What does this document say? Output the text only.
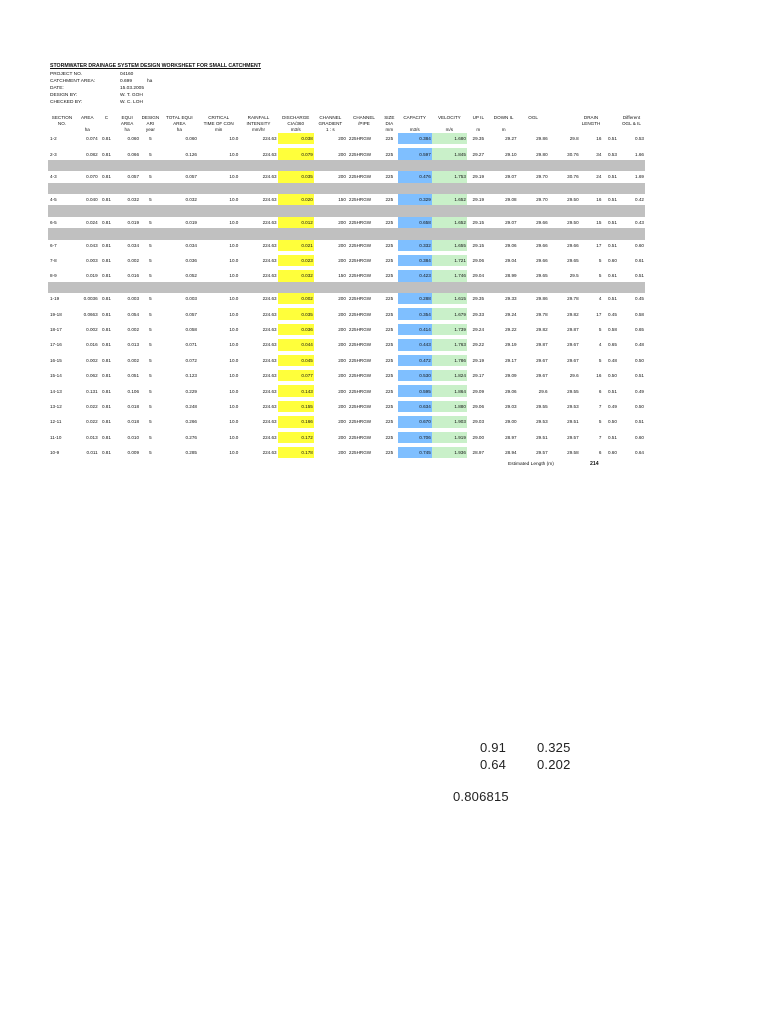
STORMWATER DRAINAGE SYSTEM DESIGN WORKSHEET FOR SMALL CATCHMENT
PROJECT NO.	04160
CATCHMENT AREA:	0.699	ha
DATE:	15.03.2005
DESIGN BY:	W. T. GOH
CHECKED BY:	W. C. LOH
SECTION	AREA	C	EQUI	DESIGN	TOTAL EQUI	CRITICAL	RAINFALL	DISCHARGE	CHANNEL	CHANNEL	SIZE	CAPACITY	VELOCITY	UP IL	DOWN IL	OGL		DRAIN		Different
NO.			AREA	ARI	AREA	TIME OF CON	INTENSITY	CIA/360	GRADIENT	/PIPE	DIA							LENGTH		OGL & IL
	ha		ha	year	ha	min	mm/hr	m3/s	1 : s		mm	m3/s	m/s	m	m					
1-2	0.074	0.81	0.060	5	0.060	10.0	224.63	0.038	200	225HRGW	225	0.384	1.680	29.35	29.27	29.86	29.8	16	0.51	0.53

2-3	0.082	0.81	0.066	5	0.126	10.0	224.63	0.079	200	225HRGW	225	0.597	1.845	29.27	29.10	29.80	30.76	34	0.53	1.66

4-3	0.070	0.81	0.057	5	0.057	10.0	224.63	0.035	200	225HRGW	225	0.476	1.753	29.19	29.07	29.70	30.76	24	0.51	1.69

4-5	0.040	0.81	0.032	5	0.032	10.0	224.63	0.020	150	225HRGW	225	0.329	1.652	29.19	29.08	29.70	29.50	16	0.51	0.42

6-5	0.024	0.81	0.019	5	0.019	10.0	224.63	0.012	200	225HRGW	225	0.658	1.652	29.15	29.07	29.66	29.50	15	0.51	0.43

6-7	0.043	0.81	0.034	5	0.034	10.0	224.63	0.021	200	225HRGW	225	0.332	1.655	29.15	29.06	29.66	29.66	17	0.51	0.60

7-8	0.003	0.81	0.002	5	0.036	10.0	224.63	0.023	200	225HRGW	225	0.384	1.721	29.06	29.04	29.66	29.65	5	0.60	0.61

8-9	0.019	0.81	0.016	5	0.052	10.0	224.63	0.032	150	225HRGW	225	0.423	1.746	29.04	28.99	29.65	29.5	5	0.61	0.51

1-19	0.0036	0.81	0.003	5	0.003	10.0	224.63	0.002	200	225HRGW	225	0.288	1.615	29.35	29.33	29.86	29.78	4	0.51	0.45

19-18	0.0663	0.81	0.054	5	0.057	10.0	224.63	0.035	200	225HRGW	225	0.354	1.679	29.33	29.24	29.78	29.82	17	0.45	0.58

18-17	0.002	0.81	0.002	5	0.058	10.0	224.63	0.036	200	225HRGW	225	0.414	1.739	29.24	29.22	29.82	29.87	5	0.58	0.65

17-16	0.016	0.81	0.013	5	0.071	10.0	224.63	0.044	200	225HRGW	225	0.443	1.763	29.22	29.19	29.87	29.67	4	0.65	0.48

16-15	0.002	0.81	0.002	5	0.072	10.0	224.63	0.045	200	225HRGW	225	0.472	1.786	29.19	29.17	29.67	29.67	5	0.48	0.50

15-14	0.062	0.81	0.051	5	0.123	10.0	224.63	0.077	200	225HRGW	225	0.530	1.824	29.17	29.09	29.67	29.6	16	0.50	0.51

14-13	0.131	0.81	0.106	5	0.229	10.0	224.63	0.143	200	225HRGW	225	0.595	1.864	29.09	29.06	29.6	29.55	6	0.51	0.49

13-12	0.022	0.81	0.018	5	0.248	10.0	224.63	0.155	200	225HRGW	225	0.634	1.880	29.06	29.03	29.55	29.53	7	0.49	0.50

12-11	0.022	0.81	0.018	5	0.266	10.0	224.63	0.166	200	225HRGW	225	0.670	1.903	29.03	29.00	29.53	29.51	5	0.50	0.51

11-10	0.013	0.81	0.010	5	0.276	10.0	224.63	0.172	200	225HRGW	225	0.706	1.919	29.00	28.97	29.51	29.57	7	0.51	0.60

10-9	0.011	0.81	0.009	5	0.285	10.0	224.63	0.178	200	225HRGW	225	0.745	1.936	28.97	28.94	29.57	29.58	6	0.60	0.64
Estimated Length (m)	214
0.91 0.325
0.64 0.202
0.806815
